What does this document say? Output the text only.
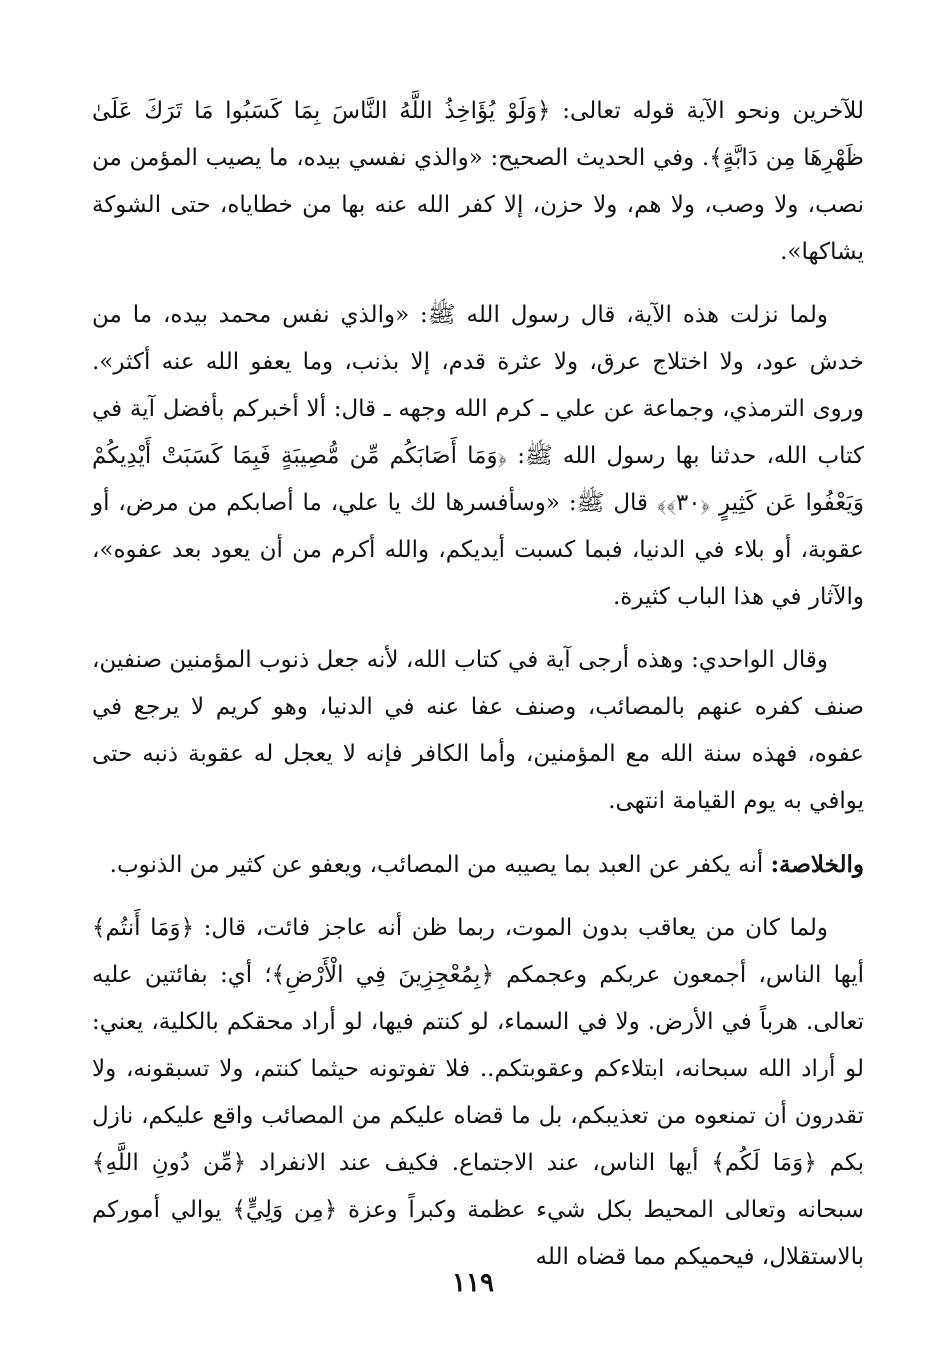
للآخرين ونحو الآية قوله تعالى: ﴿وَلَوْ يُؤَاخِذُ اللَّهُ النَّاسَ بِمَا كَسَبُوا مَا تَرَكَ عَلَىٰ ظَهْرِهَا مِن دَابَّةٍ﴾. وفي الحديث الصحيح: «والذي نفسي بيده، ما يصيب المؤمن من نصب، ولا وصب، ولا هم، ولا حزن، إلا كفر الله عنه بها من خطاياه، حتى الشوكة يشاكها».

ولما نزلت هذه الآية، قال رسول الله ﷺ: «والذي نفس محمد بيده، ما من خدش عود، ولا اختلاج عرق، ولا عثرة قدم، إلا بذنب، وما يعفو الله عنه أكثر». وروى الترمذي، وجماعة عن علي ـ كرم الله وجهه ـ قال: ألا أخبركم بأفضل آية في كتاب الله، حدثنا بها رسول الله ﷺ: ﴿وَمَا أَصَابَكُم مِّن مُّصِيبَةٍ فَبِمَا كَسَبَتْ أَيْدِيكُمْ وَيَعْفُوا عَن كَثِيرٍ ﴿٣٠﴾﴾ قال ﷺ: «وسأفسرها لك يا علي، ما أصابكم من مرض، أو عقوبة، أو بلاء في الدنيا، فبما كسبت أيديكم، والله أكرم من أن يعود بعد عفوه»، والآثار في هذا الباب كثيرة.

وقال الواحدي: وهذه أرجى آية في كتاب الله، لأنه جعل ذنوب المؤمنين صنفين، صنف كفره عنهم بالمصائب، وصنف عفا عنه في الدنيا، وهو كريم لا يرجع في عفوه، فهذه سنة الله مع المؤمنين، وأما الكافر فإنه لا يعجل له عقوبة ذنبه حتى يوافي به يوم القيامة انتهى.

والخلاصة: أنه يكفر عن العبد بما يصيبه من المصائب، ويعفو عن كثير من الذنوب.

ولما كان من يعاقب بدون الموت، ربما ظن أنه عاجز فائت، قال: ﴿وَمَا أَنتُم﴾ أيها الناس، أجمعون عربكم وعجمكم ﴿بِمُعْجِزِينَ فِي الْأَرْضِ﴾؛ أي: بفائتين عليه تعالى. هرباً في الأرض. ولا في السماء، لو كنتم فيها، لو أراد محقكم بالكلية، يعني: لو أراد الله سبحانه، ابتلاءكم وعقوبتكم.. فلا تفوتونه حيثما كنتم، ولا تسبقونه، ولا تقدرون أن تمنعوه من تعذيبكم، بل ما قضاه عليكم من المصائب واقع عليكم، نازل بكم ﴿وَمَا لَكُم﴾ أيها الناس، عند الاجتماع. فكيف عند الانفراد ﴿مِّن دُونِ اللَّهِ﴾ سبحانه وتعالى المحيط بكل شيء عظمة وكبراً وعزة ﴿مِن وَلِيٍّ﴾ يوالي أموركم بالاستقلال، فيحميكم مما قضاه الله

١١٩
